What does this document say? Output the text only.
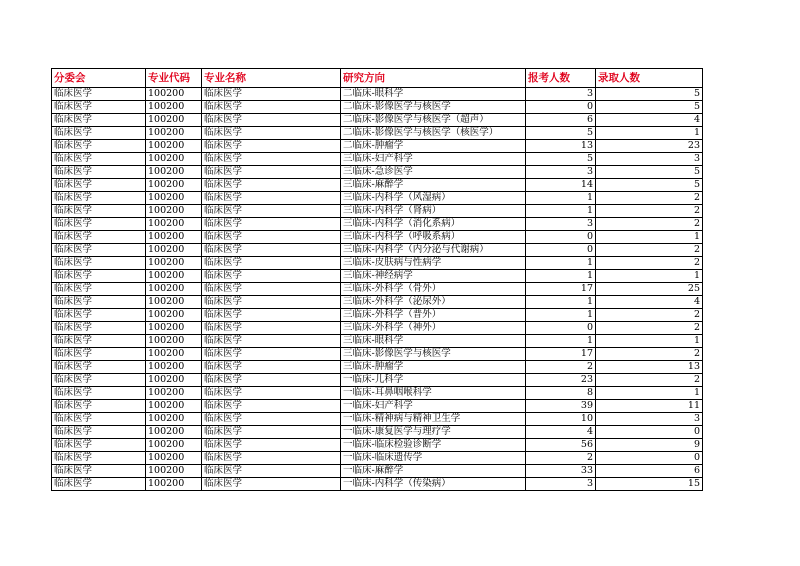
分委会	专业代码	专业名称	研究方向	报考人数	录取人数
临床医学	100200	临床医学	二临床-眼科学	3	5
临床医学	100200	临床医学	二临床-影像医学与核医学	0	5
临床医学	100200	临床医学	二临床-影像医学与核医学（超声）	6	4
临床医学	100200	临床医学	二临床-影像医学与核医学（核医学）	5	1
临床医学	100200	临床医学	二临床-肿瘤学	13	23
临床医学	100200	临床医学	三临床-妇产科学	5	3
临床医学	100200	临床医学	三临床-急诊医学	3	5
临床医学	100200	临床医学	三临床-麻醉学	14	5
临床医学	100200	临床医学	三临床-内科学（风湿病）	1	2
临床医学	100200	临床医学	三临床-内科学（肾病）	1	2
临床医学	100200	临床医学	三临床-内科学（消化系病）	3	2
临床医学	100200	临床医学	三临床-内科学（呼吸系病）	0	1
临床医学	100200	临床医学	三临床-内科学（内分泌与代谢病）	0	2
临床医学	100200	临床医学	三临床-皮肤病与性病学	1	2
临床医学	100200	临床医学	三临床-神经病学	1	1
临床医学	100200	临床医学	三临床-外科学（骨外）	17	25
临床医学	100200	临床医学	三临床-外科学（泌尿外）	1	4
临床医学	100200	临床医学	三临床-外科学（普外）	1	2
临床医学	100200	临床医学	三临床-外科学（神外）	0	2
临床医学	100200	临床医学	三临床-眼科学	1	1
临床医学	100200	临床医学	三临床-影像医学与核医学	17	2
临床医学	100200	临床医学	三临床-肿瘤学	2	13
临床医学	100200	临床医学	一临床-儿科学	23	2
临床医学	100200	临床医学	一临床-耳鼻咽喉科学	8	1
临床医学	100200	临床医学	一临床-妇产科学	39	11
临床医学	100200	临床医学	一临床-精神病与精神卫生学	10	3
临床医学	100200	临床医学	一临床-康复医学与理疗学	4	0
临床医学	100200	临床医学	一临床-临床检验诊断学	56	9
临床医学	100200	临床医学	一临床-临床遗传学	2	0
临床医学	100200	临床医学	一临床-麻醉学	33	6
临床医学	100200	临床医学	一临床-内科学（传染病）	3	15
